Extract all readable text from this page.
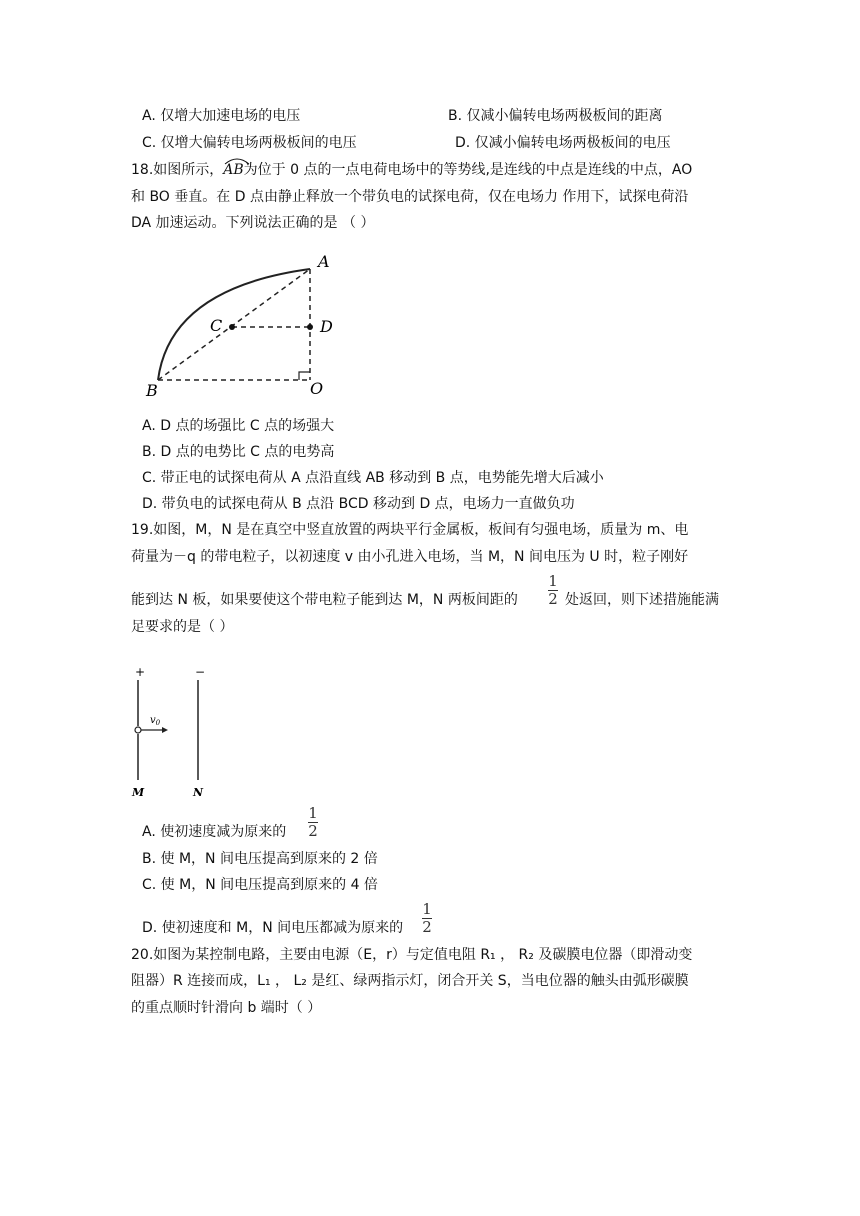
A. 仅增大加速电场的电压	B. 仅减小偏转电场两极板间的距离
C. 仅增大偏转电场两极板间的电压	D. 仅减小偏转电场两极板间的电压
18.如图所示，AB
为位于 0 点的一点电荷电场中的等势线,是连线的中点是连线的中点，AO
和 BO 垂直。在 D 点由静止释放一个带负电的试探电荷，仅在电场力 作用下，试探电荷沿
DA 加速运动。下列说法正确的是 （ ）
A
B
C	D
O
A. D 点的场强比 C 点的场强大
B. D 点的电势比 C 点的电势高
C. 带正电的试探电荷从 A 点沿直线 AB 移动到 B 点，电势能先增大后减小
D. 带负电的试探电荷从 B 点沿 BCD 移动到 D 点，电场力一直做负功
19.如图，M，N 是在真空中竖直放置的两块平行金属板，板间有匀强电场，质量为 m、电
荷量为－q 的带电粒子，以初速度 v 由小孔进入电场，当 M，N 间电压为 U 时，粒子刚好
能到达 N 板，如果要使这个带电粒子能到达 M，N 两板间距的
1
2 处返回，则下述措施能满
足要求的是（ ）
+	−
$v_0$
M	N
A. 使初速度减为原来的
1
2
B. 使 M，N 间电压提高到原来的 2 倍
C. 使 M，N 间电压提高到原来的 4 倍
D. 使初速度和 M，N 间电压都减为原来的
1
2
20.如图为某控制电路，主要由电源（E，r）与定值电阻 R₁ ， R₂ 及碳膜电位器（即滑动变
阻器）R 连接而成，L₁ ， L₂ 是红、绿两指示灯，闭合开关 S，当电位器的触头由弧形碳膜
的重点顺时针滑向 b 端时（ ）
